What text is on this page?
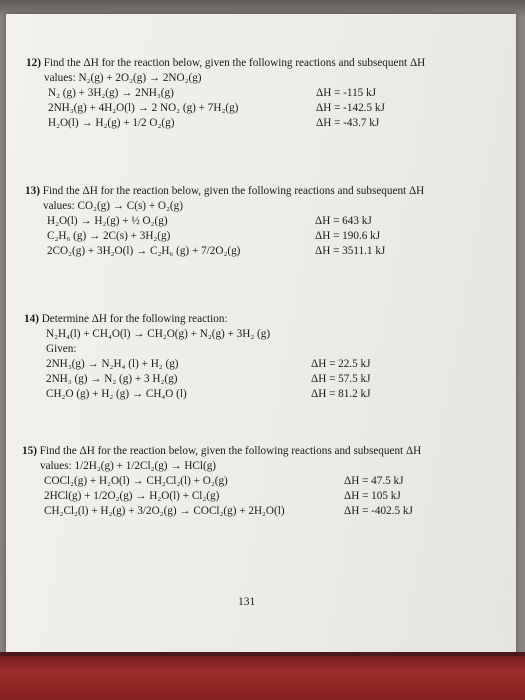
12) Find the ΔH for the reaction below, given the following reactions and subsequent ΔH
values: N₂(g) + 2O₂(g) → 2NO₂(g)
N₂ (g) + 3H₂(g) → 2NH₃(g)	ΔH = -115 kJ
2NH₃(g) + 4H₂O(l) → 2 NO₂ (g) + 7H₂(g)	ΔH = -142.5 kJ
H₂O(l) → H₂(g) + 1/2 O₂(g)	ΔH = -43.7 kJ
13) Find the ΔH for the reaction below, given the following reactions and subsequent ΔH
values: CO₂(g) → C(s) + O₂(g)
H₂O(l) → H₂(g) + ½ O₂(g)	ΔH = 643 kJ
C₂H₆ (g) → 2C(s) + 3H₂(g)	ΔH = 190.6 kJ
2CO₂(g) + 3H₂O(l) → C₂H₆ (g) + 7/2O₂(g)	ΔH = 3511.1 kJ
14) Determine ΔH for the following reaction:
N₂H₄(l) + CH₄O(l) → CH₂O(g) + N₂(g) + 3H₂ (g)
Given:
2NH₃(g) → N₂H₄ (l) + H₂ (g)	ΔH = 22.5 kJ
2NH₃ (g) → N₂ (g) + 3 H₂(g)	ΔH = 57.5 kJ
CH₂O (g) + H₂ (g) → CH₄O (l)	ΔH = 81.2 kJ
15) Find the ΔH for the reaction below, given the following reactions and subsequent ΔH
values: 1/2H₂(g) + 1/2Cl₂(g) → HCl(g)
COCl₂(g) + H₂O(l) → CH₂Cl₂(l) + O₂(g)	ΔH = 47.5 kJ
2HCl(g) + 1/2O₂(g) → H₂O(l) + Cl₂(g)	ΔH = 105 kJ
CH₂Cl₂(l) + H₂(g) + 3/2O₂(g) → COCl₂(g) + 2H₂O(l)	ΔH = -402.5 kJ
131
